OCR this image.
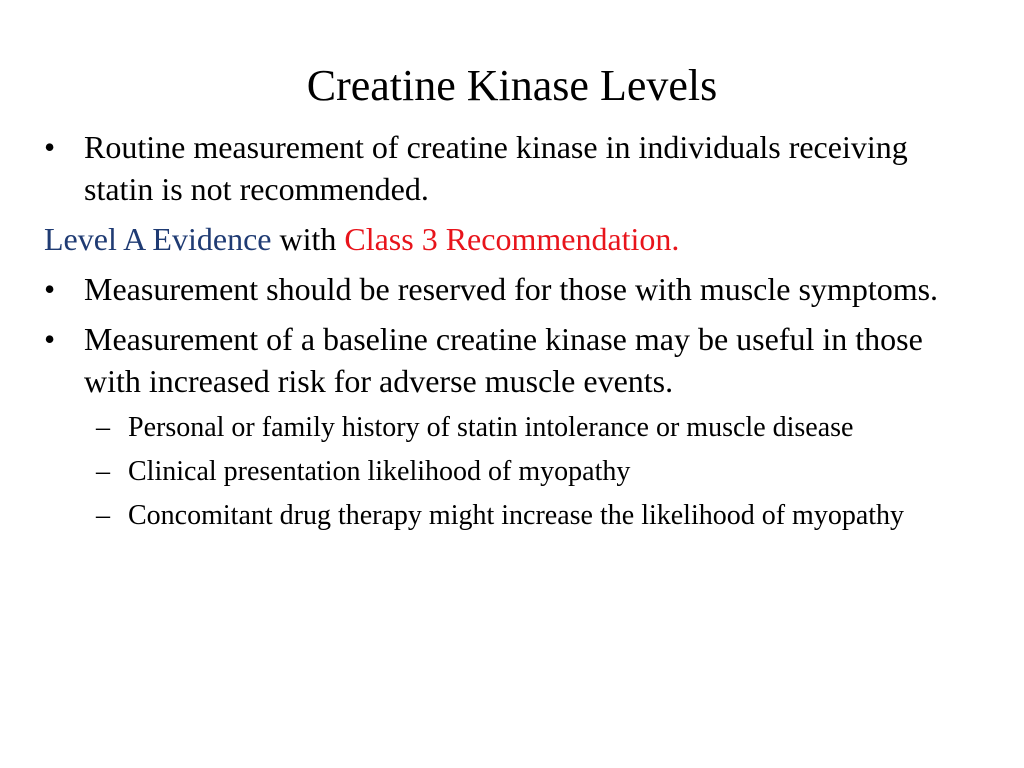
Creatine Kinase Levels
• Routine measurement of creatine kinase in individuals receiving statin is not recommended.
Level A Evidence with Class 3 Recommendation.
• Measurement should be reserved for those with muscle symptoms.
• Measurement of a baseline creatine kinase may be useful in those with increased risk for adverse muscle events.
– Personal or family history of statin intolerance or muscle disease
– Clinical presentation likelihood of myopathy
– Concomitant drug therapy might increase the likelihood of myopathy
